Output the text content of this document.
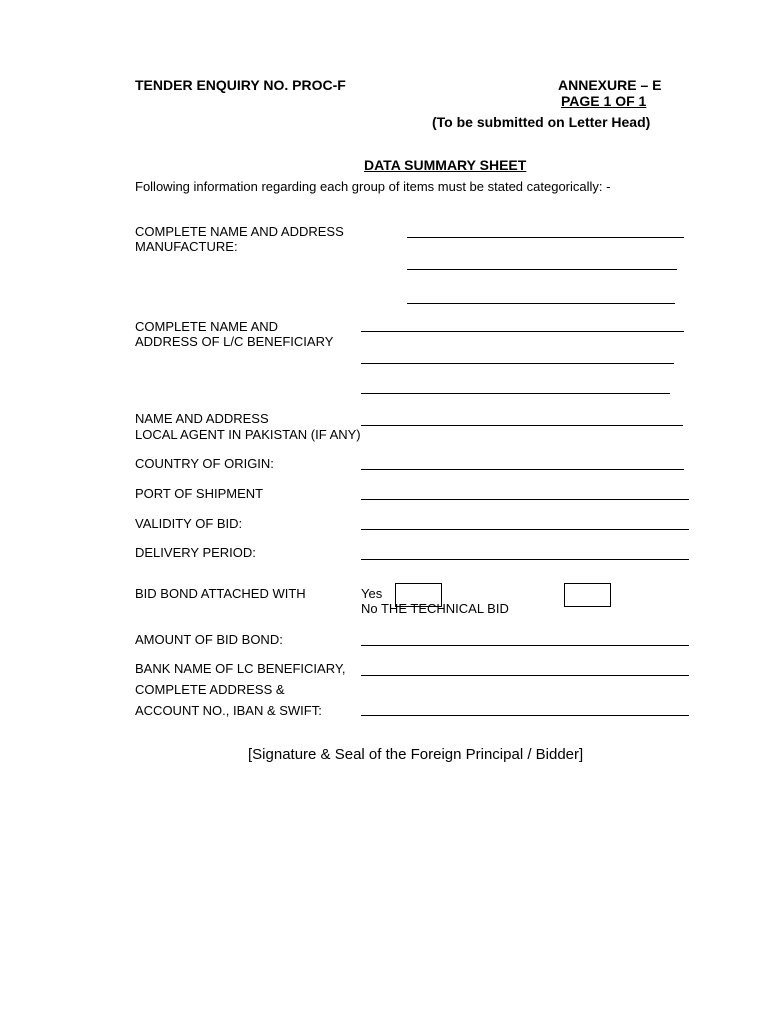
TENDER ENQUIRY NO. PROC-F	ANNEXURE – E
PAGE 1 OF 1
(To be submitted on Letter Head)
DATA SUMMARY SHEET
Following information regarding each group of items must be stated categorically: -
COMPLETE NAME AND ADDRESS
MANUFACTURE:
COMPLETE NAME AND
ADDRESS OF L/C BENEFICIARY
NAME AND ADDRESS
LOCAL AGENT IN PAKISTAN (IF ANY)
COUNTRY OF ORIGIN:
PORT OF SHIPMENT
VALIDITY OF BID:
DELIVERY PERIOD:
BID BOND ATTACHED WITH	Yes
No THE TECHNICAL BID
AMOUNT OF BID BOND:
BANK NAME OF LC BENEFICIARY,
COMPLETE ADDRESS &
ACCOUNT NO., IBAN & SWIFT:
[Signature & Seal of the Foreign Principal / Bidder]
